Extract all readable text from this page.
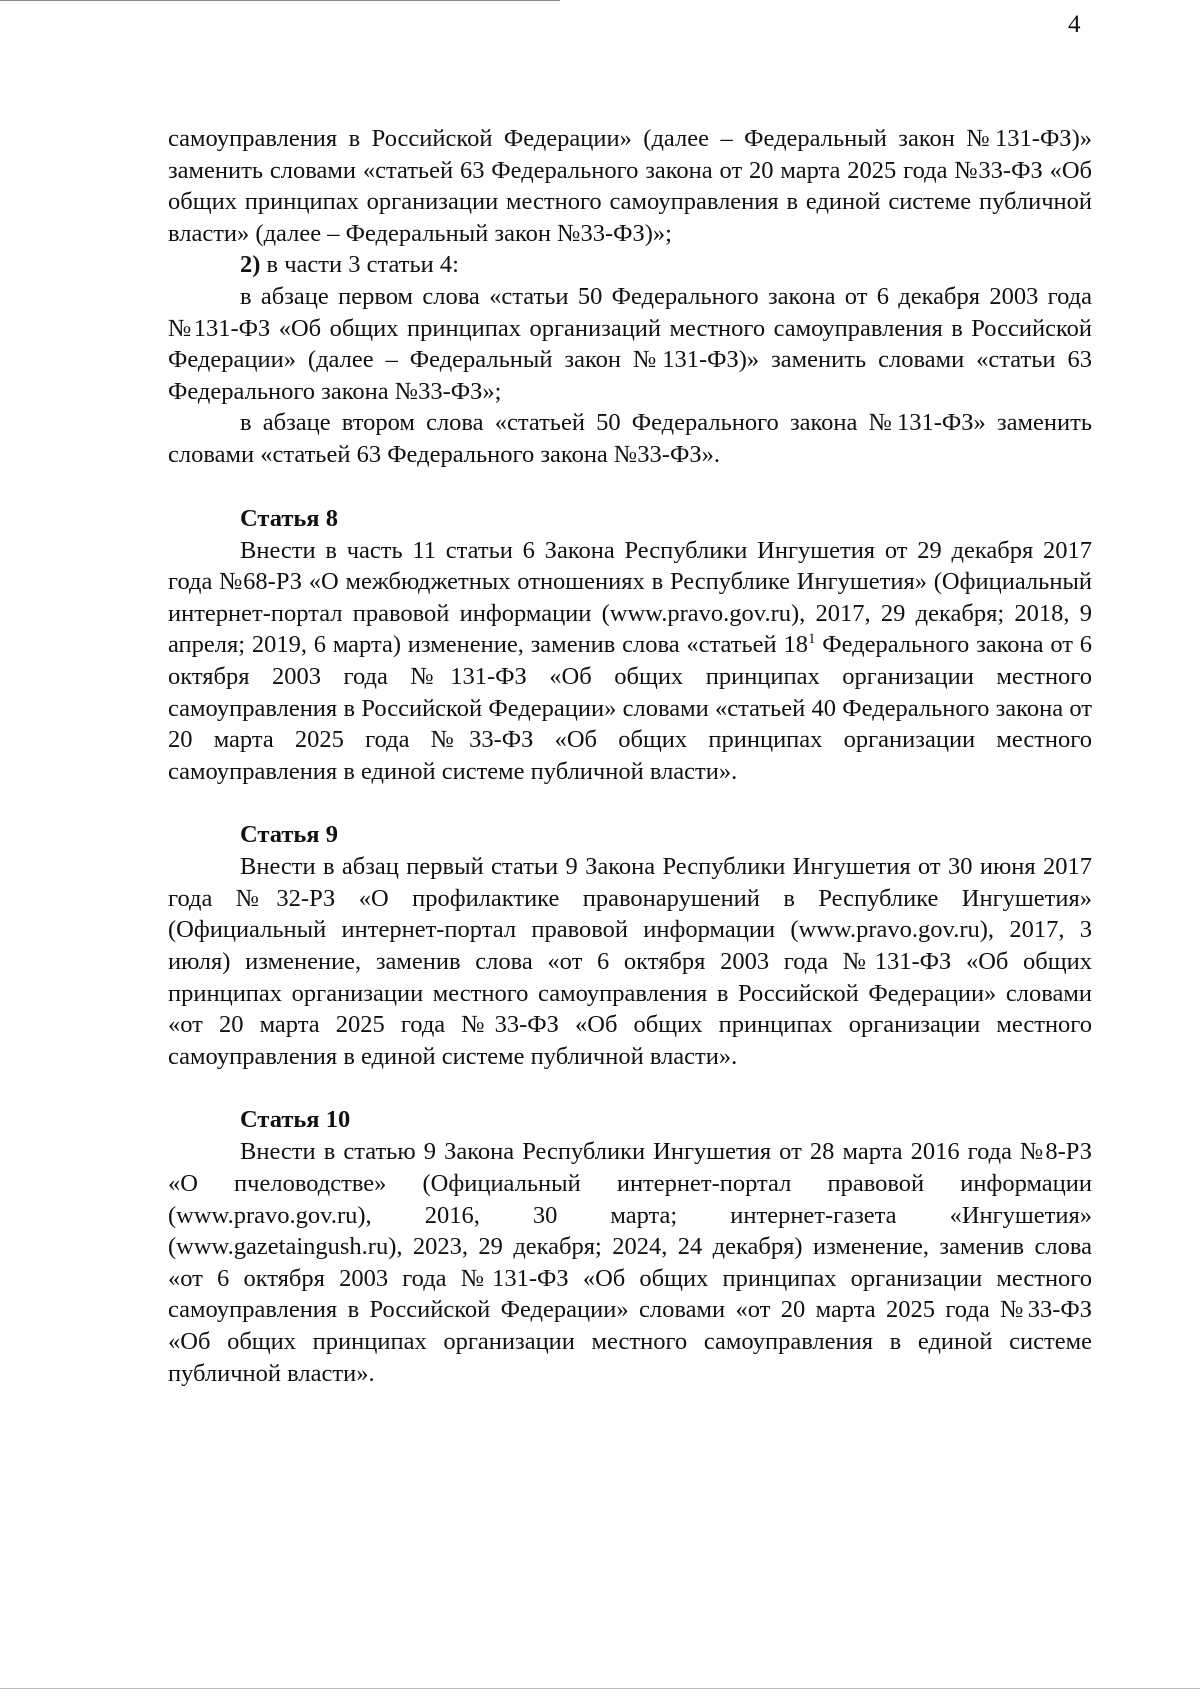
4

самоуправления в Российской Федерации» (далее – Федеральный закон №131-ФЗ)» заменить словами «статьей 63 Федерального закона от 20 марта 2025 года №33-ФЗ «Об общих принципах организации местного самоуправления в единой системе публичной власти» (далее – Федеральный закон №33-ФЗ)»;

2) в части 3 статьи 4:

в абзаце первом слова «статьи 50 Федерального закона от 6 декабря 2003 года №131-ФЗ «Об общих принципах организаций местного самоуправления в Российской Федерации» (далее – Федеральный закон №131-ФЗ)» заменить словами «статьи 63 Федерального закона №33-ФЗ»;

в абзаце втором слова «статьей 50 Федерального закона №131-ФЗ» заменить словами «статьей 63 Федерального закона №33-ФЗ».

Статья 8

Внести в часть 11 статьи 6 Закона Республики Ингушетия от 29 декабря 2017 года №68-РЗ «О межбюджетных отношениях в Республике Ингушетия» (Официальный интернет-портал правовой информации (www.pravo.gov.ru), 2017, 29 декабря; 2018, 9 апреля; 2019, 6 марта) изменение, заменив слова «статьей $18^1$ Федерального закона от 6 октября 2003 года №131-ФЗ «Об общих принципах организации местного самоуправления в Российской Федерации» словами «статьей 40 Федерального закона от 20 марта 2025 года №33-ФЗ «Об общих принципах организации местного самоуправления в единой системе публичной власти».

Статья 9

Внести в абзац первый статьи 9 Закона Республики Ингушетия от 30 июня 2017 года №32-РЗ «О профилактике правонарушений в Республике Ингушетия» (Официальный интернет-портал правовой информации (www.pravo.gov.ru), 2017, 3 июля) изменение, заменив слова «от 6 октября 2003 года №131-ФЗ «Об общих принципах организации местного самоуправления в Российской Федерации» словами «от 20 марта 2025 года №33-ФЗ «Об общих принципах организации местного самоуправления в единой системе публичной власти».

Статья 10

Внести в статью 9 Закона Республики Ингушетия от 28 марта 2016 года №8-РЗ «О пчеловодстве» (Официальный интернет-портал правовой информации (www.pravo.gov.ru), 2016, 30 марта; интернет-газета «Ингушетия» (www.gazetaingush.ru), 2023, 29 декабря; 2024, 24 декабря) изменение, заменив слова «от 6 октября 2003 года №131-ФЗ «Об общих принципах организации местного самоуправления в Российской Федерации» словами «от 20 марта 2025 года №33-ФЗ «Об общих принципах организации местного самоуправления в единой системе публичной власти».
